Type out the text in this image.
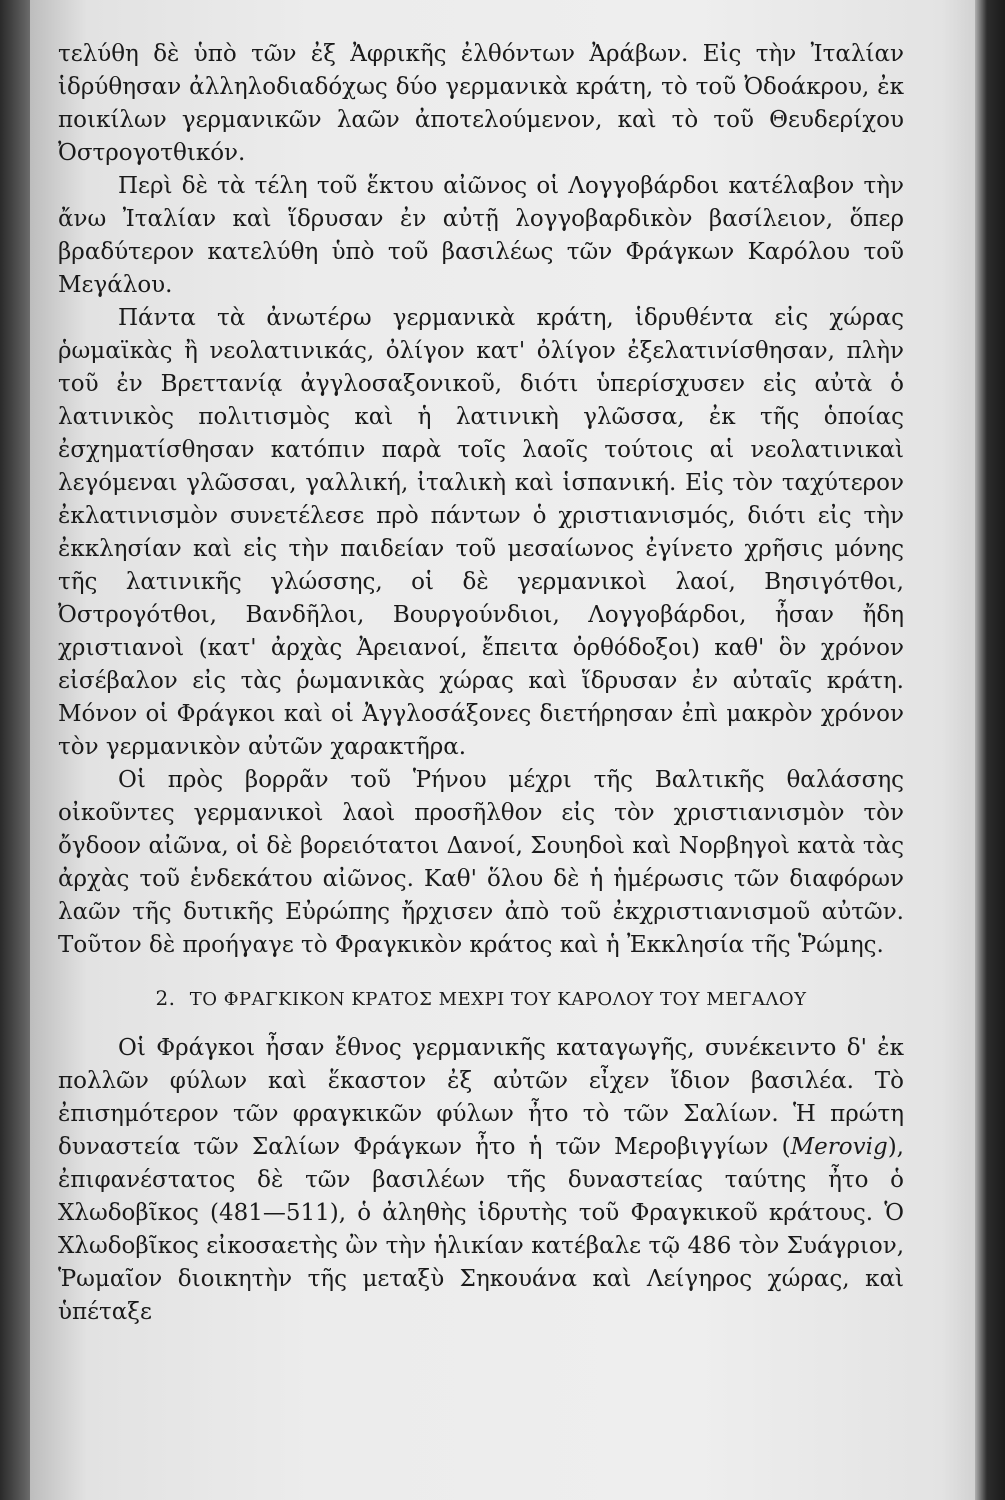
τελύθη δὲ ὑπὸ τῶν ἐξ Ἀφρικῆς ἐλθόντων Ἀράβων. Εἰς τὴν Ἰταλίαν ἱδρύθησαν ἀλληλοδιαδόχως δύο γερμανικὰ κράτη, τὸ τοῦ Ὀδοάκρου, ἐκ ποικίλων γερμανικῶν λαῶν ἀποτελούμενον, καὶ τὸ τοῦ Θευδερίχου Ὀστρογοτθικόν.

Περὶ δὲ τὰ τέλη τοῦ ἕκτου αἰῶνος οἱ Λογγοβάρδοι κατέλαβον τὴν ἄνω Ἰταλίαν καὶ ἵδρυσαν ἐν αὐτῇ λογγοβαρδικὸν βασίλειον, ὅπερ βραδύτερον κατελύθη ὑπὸ τοῦ βασιλέως τῶν Φράγκων Καρόλου τοῦ Μεγάλου.

Πάντα τὰ ἀνωτέρω γερμανικὰ κράτη, ἱδρυθέντα εἰς χώρας ῥωμαϊκὰς ἢ νεολατινικάς, ὀλίγον κατ' ὀλίγον ἐξελατινίσθησαν, πλὴν τοῦ ἐν Βρεττανίᾳ ἀγγλοσαξονικοῦ, διότι ὑπερίσχυσεν εἰς αὐτὰ ὁ λατινικὸς πολιτισμὸς καὶ ἡ λατινικὴ γλῶσσα, ἐκ τῆς ὁποίας ἐσχηματίσθησαν κατόπιν παρὰ τοῖς λαοῖς τούτοις αἱ νεολατινικαὶ λεγόμεναι γλῶσσαι, γαλλική, ἰταλικὴ καὶ ἱσπανική. Εἰς τὸν ταχύτερον ἐκλατινισμὸν συνετέλεσε πρὸ πάντων ὁ χριστιανισμός, διότι εἰς τὴν ἐκκλησίαν καὶ εἰς τὴν παιδείαν τοῦ μεσαίωνος ἐγίνετο χρῆσις μόνης τῆς λατινικῆς γλώσσης, οἱ δὲ γερμανικοὶ λαοί, Βησιγότθοι, Ὀστρογότθοι, Βανδῆλοι, Βουργούνδιοι, Λογγοβάρδοι, ἦσαν ἤδη χριστιανοὶ (κατ' ἀρχὰς Ἀρειανοί, ἔπειτα ὀρθόδοξοι) καθ' ὃν χρόνον εἰσέβαλον εἰς τὰς ῥωμανικὰς χώρας καὶ ἵδρυσαν ἐν αὐταῖς κράτη. Μόνον οἱ Φράγκοι καὶ οἱ Ἀγγλοσάξονες διετήρησαν ἐπὶ μακρὸν χρόνον τὸν γερμανικὸν αὐτῶν χαρακτῆρα.

Οἱ πρὸς βορρᾶν τοῦ Ῥήνου μέχρι τῆς Βαλτικῆς θαλάσσης οἰκοῦντες γερμανικοὶ λαοὶ προσῆλθον εἰς τὸν χριστιανισμὸν τὸν ὄγδοον αἰῶνα, οἱ δὲ βορειότατοι Δανοί, Σουηδοὶ καὶ Νορβηγοὶ κατὰ τὰς ἀρχὰς τοῦ ἑνδεκάτου αἰῶνος. Καθ' ὅλου δὲ ἡ ἡμέρωσις τῶν διαφόρων λαῶν τῆς δυτικῆς Εὐρώπης ἤρχισεν ἀπὸ τοῦ ἐκχριστιανισμοῦ αὐτῶν. Τοῦτον δὲ προήγαγε τὸ Φραγκικὸν κράτος καὶ ἡ Ἐκκλησία τῆς Ῥώμης.

2. ΤΟ ΦΡΑΓΚΙΚΟΝ ΚΡΑΤΟΣ ΜΕΧΡΙ ΤΟΥ ΚΑΡΟΛΟΥ ΤΟΥ ΜΕΓΑΛΟΥ

Οἱ Φράγκοι ἦσαν ἔθνος γερμανικῆς καταγωγῆς, συνέκειντο δ' ἐκ πολλῶν φύλων καὶ ἕκαστον ἐξ αὐτῶν εἶχεν ἴδιον βασιλέα. Τὸ ἐπισημότερον τῶν φραγκικῶν φύλων ἦτο τὸ τῶν Σαλίων. Ἡ πρώτη δυναστεία τῶν Σαλίων Φράγκων ἦτο ἡ τῶν Μεροβιγγίων (Merovig), ἐπιφανέστατος δὲ τῶν βασιλέων τῆς δυναστείας ταύτης ἦτο ὁ Χλωδοβῖκος (481—511), ὁ ἀληθὴς ἱδρυτὴς τοῦ Φραγκικοῦ κράτους. Ὁ Χλωδοβῖκος εἰκοσαετὴς ὢν τὴν ἡλικίαν κατέβαλε τῷ 486 τὸν Συάγριον, Ῥωμαῖον διοικητὴν τῆς μεταξὺ Σηκουάνα καὶ Λείγηρος χώρας, καὶ ὑπέταξε
